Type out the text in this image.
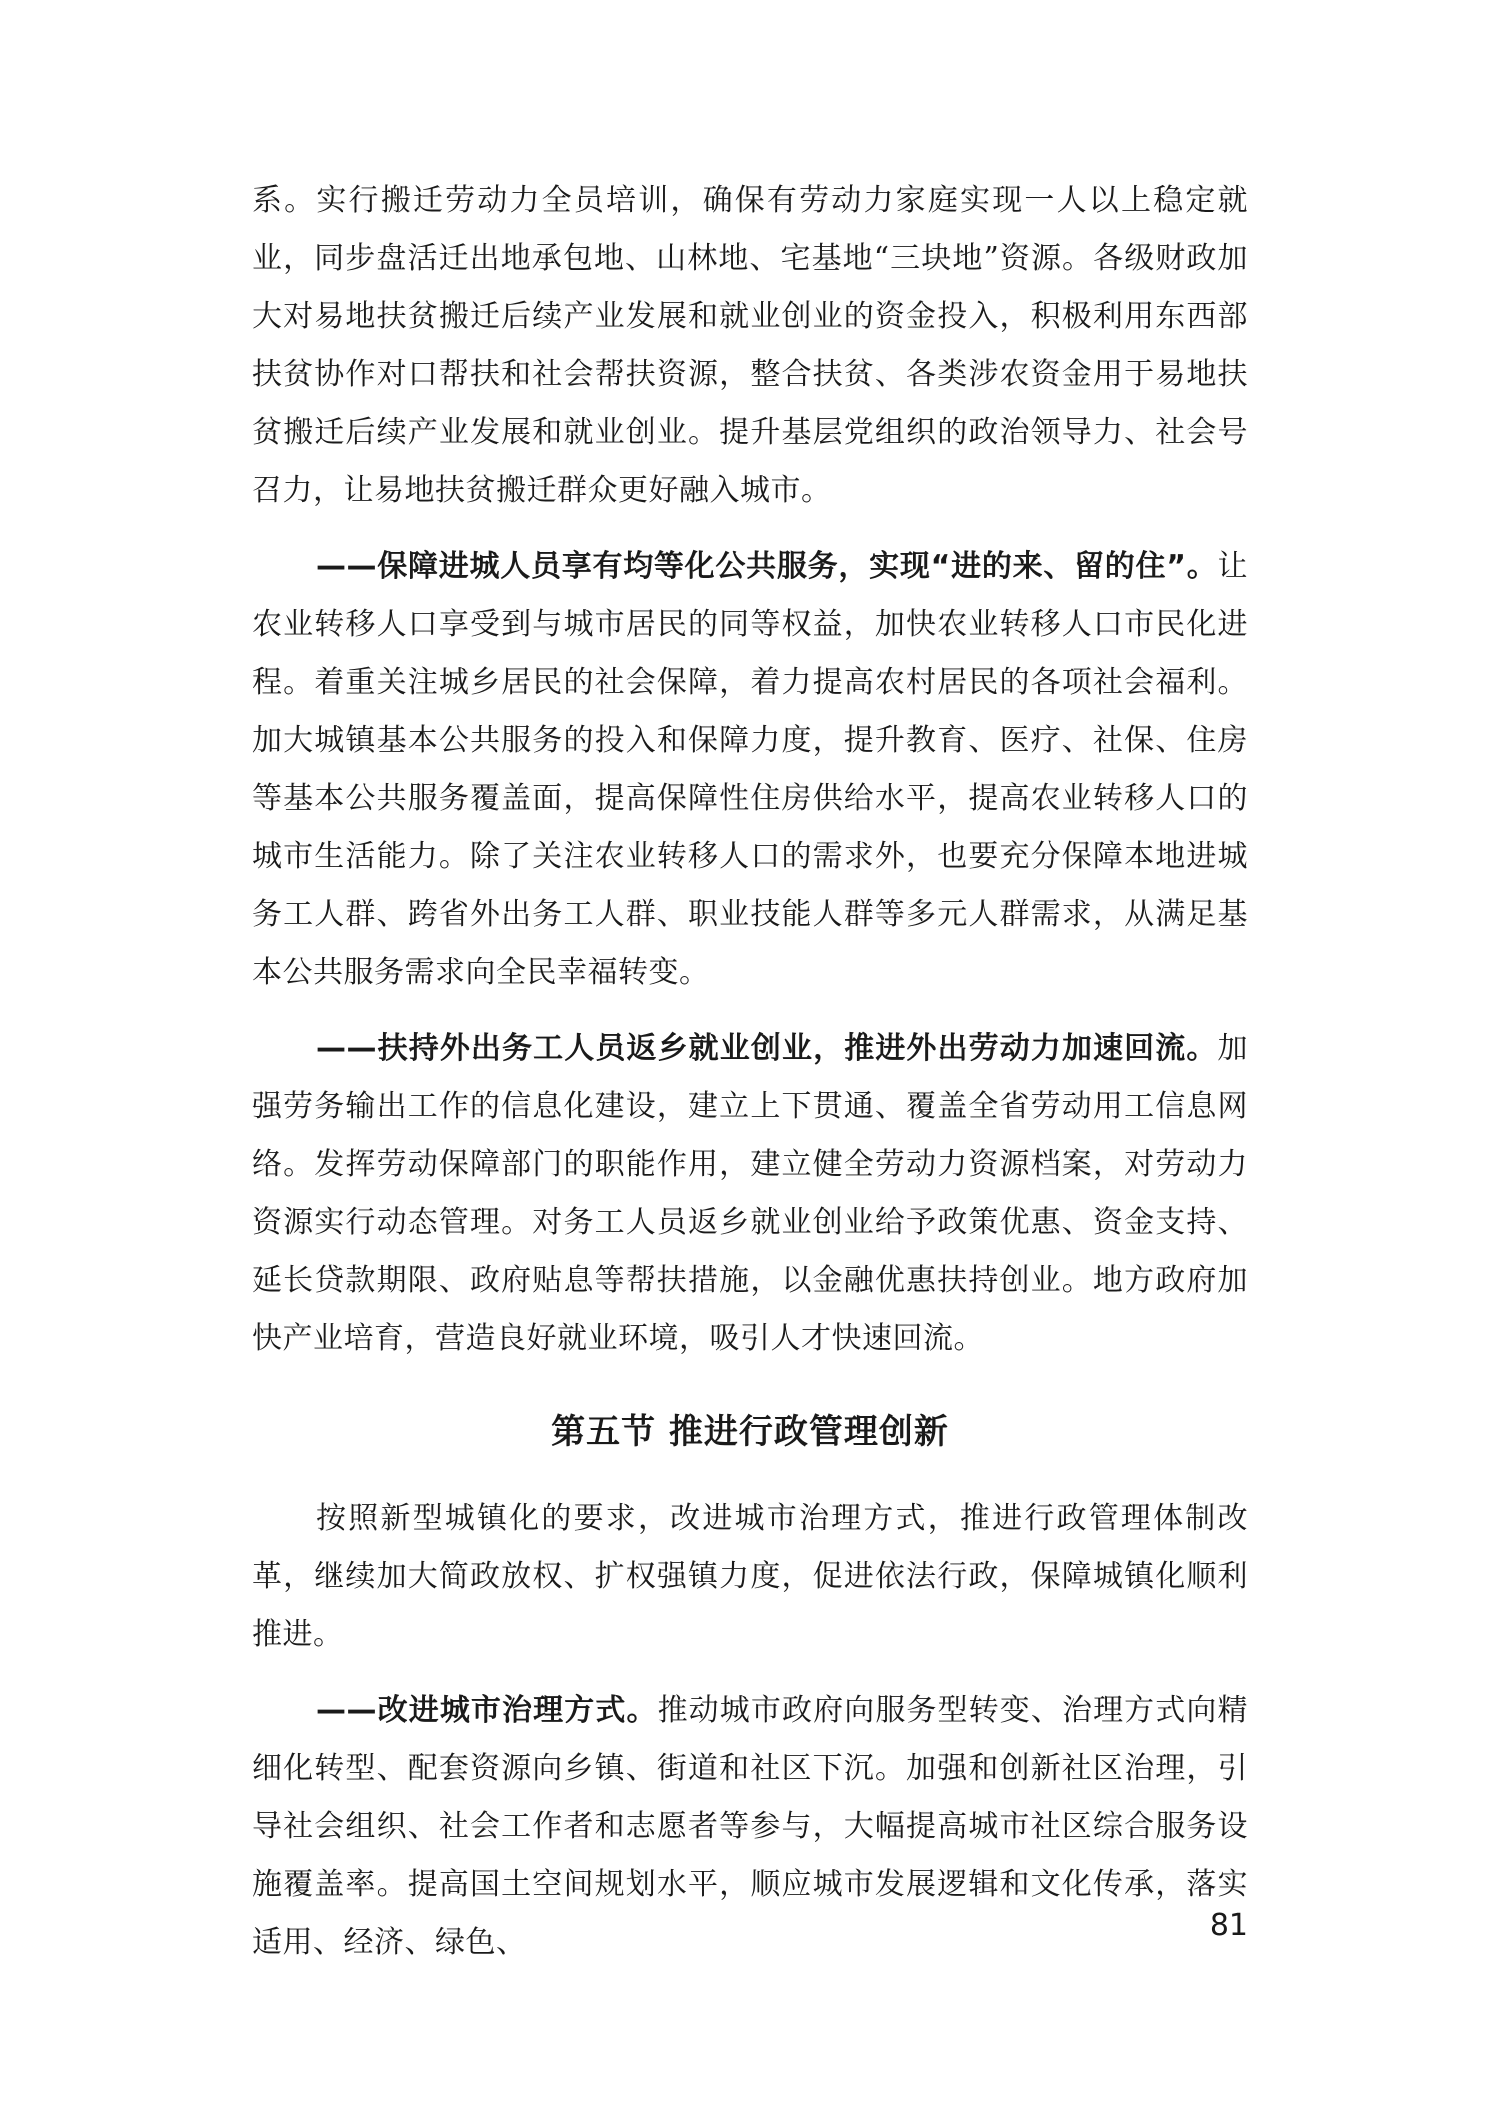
系。实行搬迁劳动力全员培训，确保有劳动力家庭实现一人以上稳定就业，同步盘活迁出地承包地、山林地、宅基地“三块地”资源。各级财政加大对易地扶贫搬迁后续产业发展和就业创业的资金投入，积极利用东西部扶贫协作对口帮扶和社会帮扶资源，整合扶贫、各类涉农资金用于易地扶贫搬迁后续产业发展和就业创业。提升基层党组织的政治领导力、社会号召力，让易地扶贫搬迁群众更好融入城市。

——保障进城人员享有均等化公共服务，实现“进的来、留的住”。让农业转移人口享受到与城市居民的同等权益，加快农业转移人口市民化进程。着重关注城乡居民的社会保障，着力提高农村居民的各项社会福利。加大城镇基本公共服务的投入和保障力度，提升教育、医疗、社保、住房等基本公共服务覆盖面，提高保障性住房供给水平，提高农业转移人口的城市生活能力。除了关注农业转移人口的需求外，也要充分保障本地进城务工人群、跨省外出务工人群、职业技能人群等多元人群需求，从满足基本公共服务需求向全民幸福转变。

——扶持外出务工人员返乡就业创业，推进外出劳动力加速回流。加强劳务输出工作的信息化建设，建立上下贯通、覆盖全省劳动用工信息网络。发挥劳动保障部门的职能作用，建立健全劳动力资源档案，对劳动力资源实行动态管理。对务工人员返乡就业创业给予政策优惠、资金支持、延长贷款期限、政府贴息等帮扶措施，以金融优惠扶持创业。地方政府加快产业培育，营造良好就业环境，吸引人才快速回流。

第五节 推进行政管理创新

按照新型城镇化的要求，改进城市治理方式，推进行政管理体制改革，继续加大简政放权、扩权强镇力度，促进依法行政，保障城镇化顺利推进。

——改进城市治理方式。推动城市政府向服务型转变、治理方式向精细化转型、配套资源向乡镇、街道和社区下沉。加强和创新社区治理，引导社会组织、社会工作者和志愿者等参与，大幅提高城市社区综合服务设施覆盖率。提高国土空间规划水平，顺应城市发展逻辑和文化传承，落实适用、经济、绿色、	81
